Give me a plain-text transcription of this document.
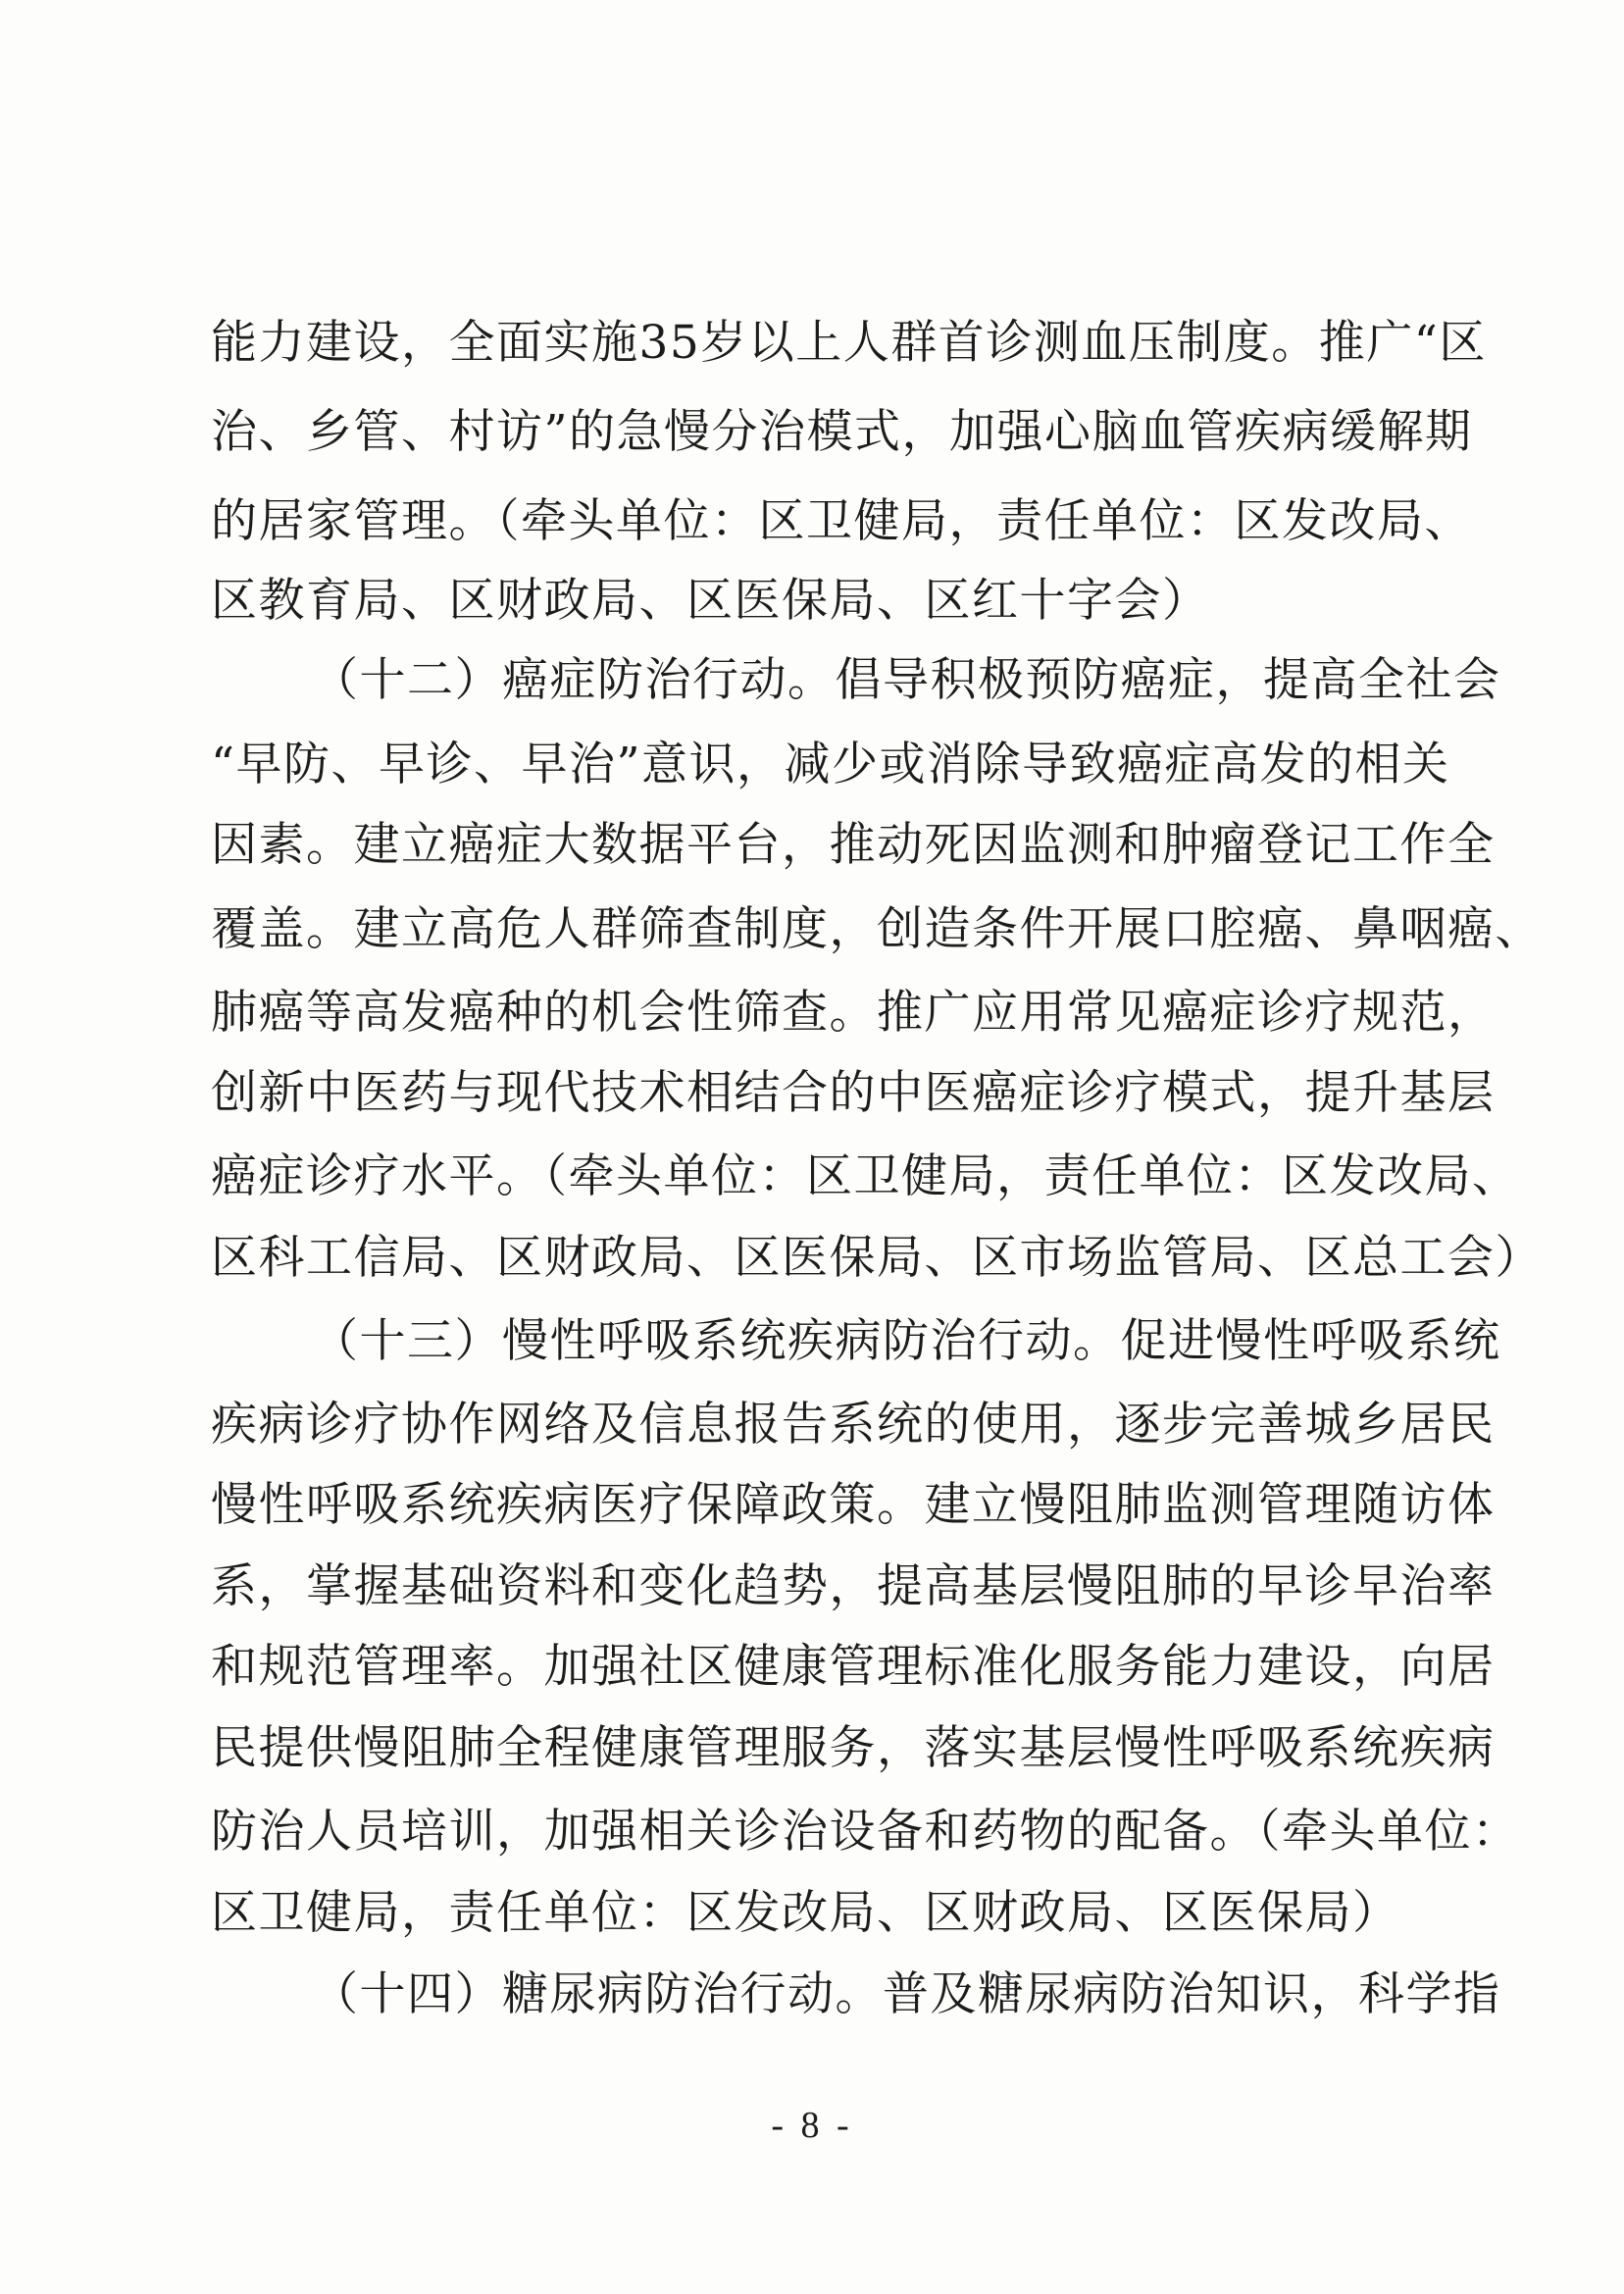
能力建设，全面实施35岁以上人群首诊测血压制度。推广“区
治、乡管、村访”的急慢分治模式，加强心脑血管疾病缓解期
的居家管理。（牵头单位：区卫健局，责任单位：区发改局、
区教育局、区财政局、区医保局、区红十字会）
（十二）癌症防治行动。倡导积极预防癌症，提高全社会
“早防、早诊、早治”意识，减少或消除导致癌症高发的相关
因素。建立癌症大数据平台，推动死因监测和肿瘤登记工作全
覆盖。建立高危人群筛查制度，创造条件开展口腔癌、鼻咽癌、
肺癌等高发癌种的机会性筛查。推广应用常见癌症诊疗规范，
创新中医药与现代技术相结合的中医癌症诊疗模式，提升基层
癌症诊疗水平。（牵头单位：区卫健局，责任单位：区发改局、
区科工信局、区财政局、区医保局、区市场监管局、区总工会）
（十三）慢性呼吸系统疾病防治行动。促进慢性呼吸系统
疾病诊疗协作网络及信息报告系统的使用，逐步完善城乡居民
慢性呼吸系统疾病医疗保障政策。建立慢阻肺监测管理随访体
系，掌握基础资料和变化趋势，提高基层慢阻肺的早诊早治率
和规范管理率。加强社区健康管理标准化服务能力建设，向居
民提供慢阻肺全程健康管理服务，落实基层慢性呼吸系统疾病
防治人员培训，加强相关诊治设备和药物的配备。（牵头单位：
区卫健局，责任单位：区发改局、区财政局、区医保局）
（十四）糖尿病防治行动。普及糖尿病防治知识，科学指
- 8 -
